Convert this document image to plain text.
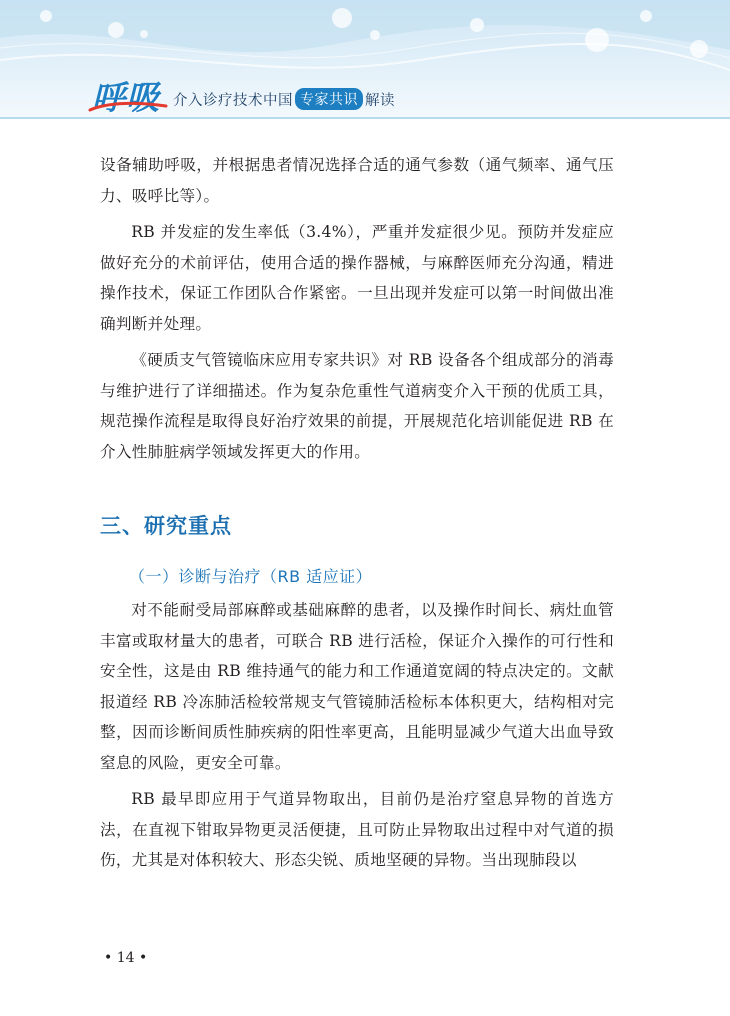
呼吸 介入诊疗技术中国 专家共识 解读

设备辅助呼吸，并根据患者情况选择合适的通气参数（通气频率、通气压力、吸呼比等）。

RB 并发症的发生率低（3.4%），严重并发症很少见。预防并发症应做好充分的术前评估，使用合适的操作器械，与麻醉医师充分沟通，精进操作技术，保证工作团队合作紧密。一旦出现并发症可以第一时间做出准确判断并处理。

《硬质支气管镜临床应用专家共识》对 RB 设备各个组成部分的消毒与维护进行了详细描述。作为复杂危重性气道病变介入干预的优质工具，规范操作流程是取得良好治疗效果的前提，开展规范化培训能促进 RB 在介入性肺脏病学领域发挥更大的作用。

三、研究重点
（一）诊断与治疗（RB 适应证）

对不能耐受局部麻醉或基础麻醉的患者，以及操作时间长、病灶血管丰富或取材量大的患者，可联合 RB 进行活检，保证介入操作的可行性和安全性，这是由 RB 维持通气的能力和工作通道宽阔的特点决定的。文献报道经 RB 冷冻肺活检较常规支气管镜肺活检标本体积更大，结构相对完整，因而诊断间质性肺疾病的阳性率更高，且能明显减少气道大出血导致窒息的风险，更安全可靠。

RB 最早即应用于气道异物取出，目前仍是治疗窒息异物的首选方法，在直视下钳取异物更灵活便捷，且可防止异物取出过程中对气道的损伤，尤其是对体积较大、形态尖锐、质地坚硬的异物。当出现肺段以

• 14 •
